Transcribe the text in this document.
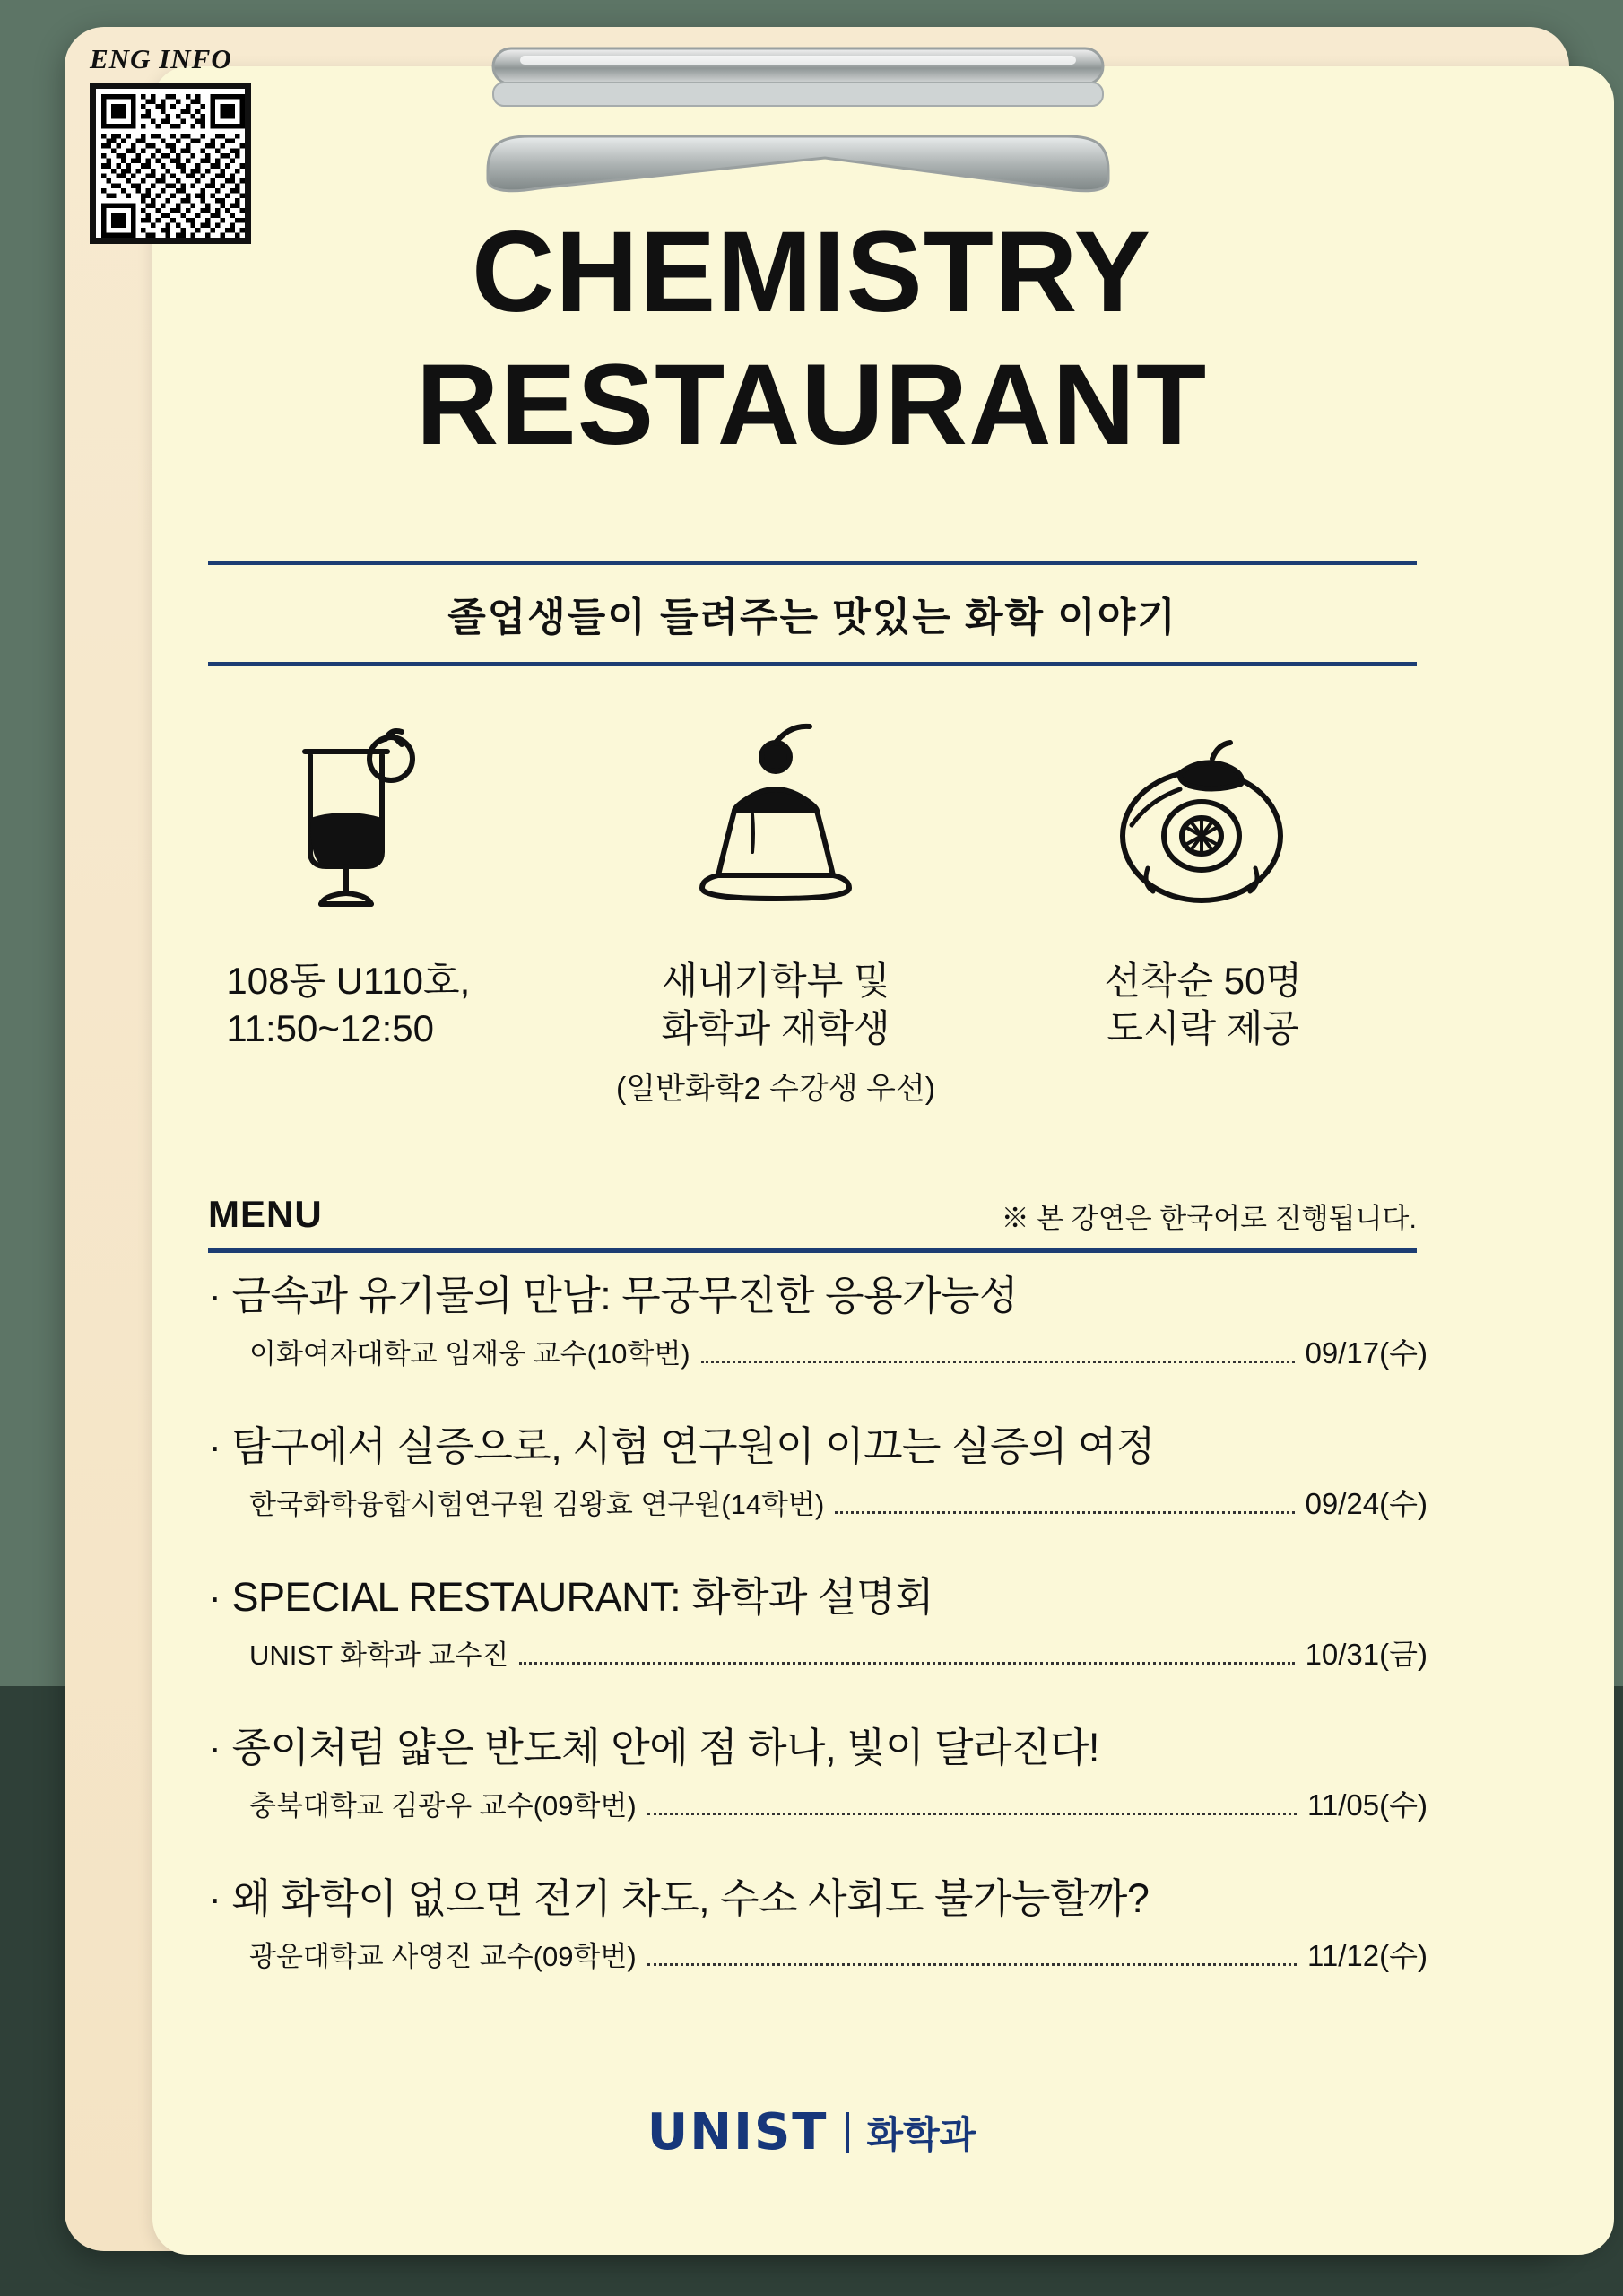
ENG INFO
CHEMISTRY
RESTAURANT
졸업생들이 들려주는 맛있는 화학 이야기
108동 U110호,
11:50~12:50
새내기학부 및
화학과 재학생
(일반화학2 수강생 우선)
선착순 50명
도시락 제공
MENU	※ 본 강연은 한국어로 진행됩니다.
· 금속과 유기물의 만남: 무궁무진한 응용가능성
이화여자대학교 임재웅 교수(10학번)	09/17(수)
· 탐구에서 실증으로, 시험 연구원이 이끄는 실증의 여정
한국화학융합시험연구원 김왕효 연구원(14학번)	09/24(수)
· SPECIAL RESTAURANT: 화학과 설명회
UNIST 화학과 교수진	10/31(금)
· 종이처럼 얇은 반도체 안에 점 하나, 빛이 달라진다!
충북대학교 김광우 교수(09학번)	11/05(수)
· 왜 화학이 없으면 전기 차도, 수소 사회도 불가능할까?
광운대학교 사영진 교수(09학번)	11/12(수)
UNIST 화학과
